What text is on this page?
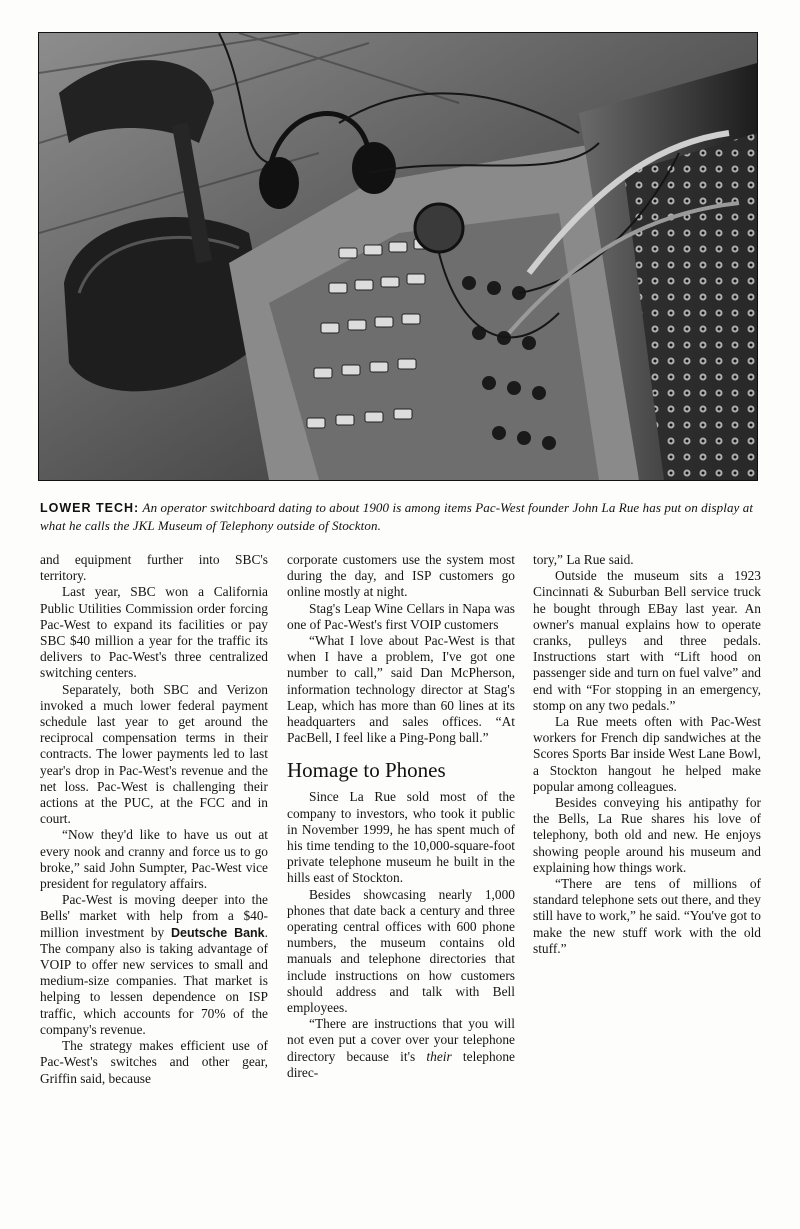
LOWER TECH: An operator switchboard dating to about 1900 is among items Pac-West founder John La Rue has put on display at what he calls the JKL Museum of Telephony outside of Stockton.

and equipment further into SBC's territory.

Last year, SBC won a California Public Utilities Commission order forcing Pac-West to expand its facilities or pay SBC $40 million a year for the traffic its delivers to Pac-West's three centralized switching centers.

Separately, both SBC and Verizon invoked a much lower federal payment schedule last year to get around the reciprocal compensation terms in their contracts. The lower payments led to last year's drop in Pac-West's revenue and the net loss. Pac-West is challenging their actions at the PUC, at the FCC and in court.

“Now they'd like to have us out at every nook and cranny and force us to go broke,” said John Sumpter, Pac-West vice president for regulatory affairs.

Pac-West is moving deeper into the Bells' market with help from a $40-million investment by Deutsche Bank. The company also is taking advantage of VOIP to offer new services to small and medium-size companies. That market is helping to lessen dependence on ISP traffic, which accounts for 70% of the company's revenue.

The strategy makes efficient use of Pac-West's switches and other gear, Griffin said, because

corporate customers use the system most during the day, and ISP customers go online mostly at night.

Stag's Leap Wine Cellars in Napa was one of Pac-West's first VOIP customers

“What I love about Pac-West is that when I have a problem, I've got one number to call,” said Dan McPherson, information technology director at Stag's Leap, which has more than 60 lines at its headquarters and sales offices. “At PacBell, I feel like a Ping-Pong ball.”

Homage to Phones

Since La Rue sold most of the company to investors, who took it public in November 1999, he has spent much of his time tending to the 10,000-square-foot private telephone museum he built in the hills east of Stockton.

Besides showcasing nearly 1,000 phones that date back a century and three operating central offices with 600 phone numbers, the museum contains old manuals and telephone directories that include instructions on how customers should address and talk with Bell employees.

“There are instructions that you will not even put a cover over your telephone directory because it's their telephone direc-

tory,” La Rue said.

Outside the museum sits a 1923 Cincinnati & Suburban Bell service truck he bought through EBay last year. An owner's manual explains how to operate cranks, pulleys and three pedals. Instructions start with “Lift hood on passenger side and turn on fuel valve” and end with “For stopping in an emergency, stomp on any two pedals.”

La Rue meets often with Pac-West workers for French dip sandwiches at the Scores Sports Bar inside West Lane Bowl, a Stockton hangout he helped make popular among colleagues.

Besides conveying his antipathy for the Bells, La Rue shares his love of telephony, both old and new. He enjoys showing people around his museum and explaining how things work.

“There are tens of millions of standard telephone sets out there, and they still have to work,” he said. “You've got to make the new stuff work with the old stuff.”
